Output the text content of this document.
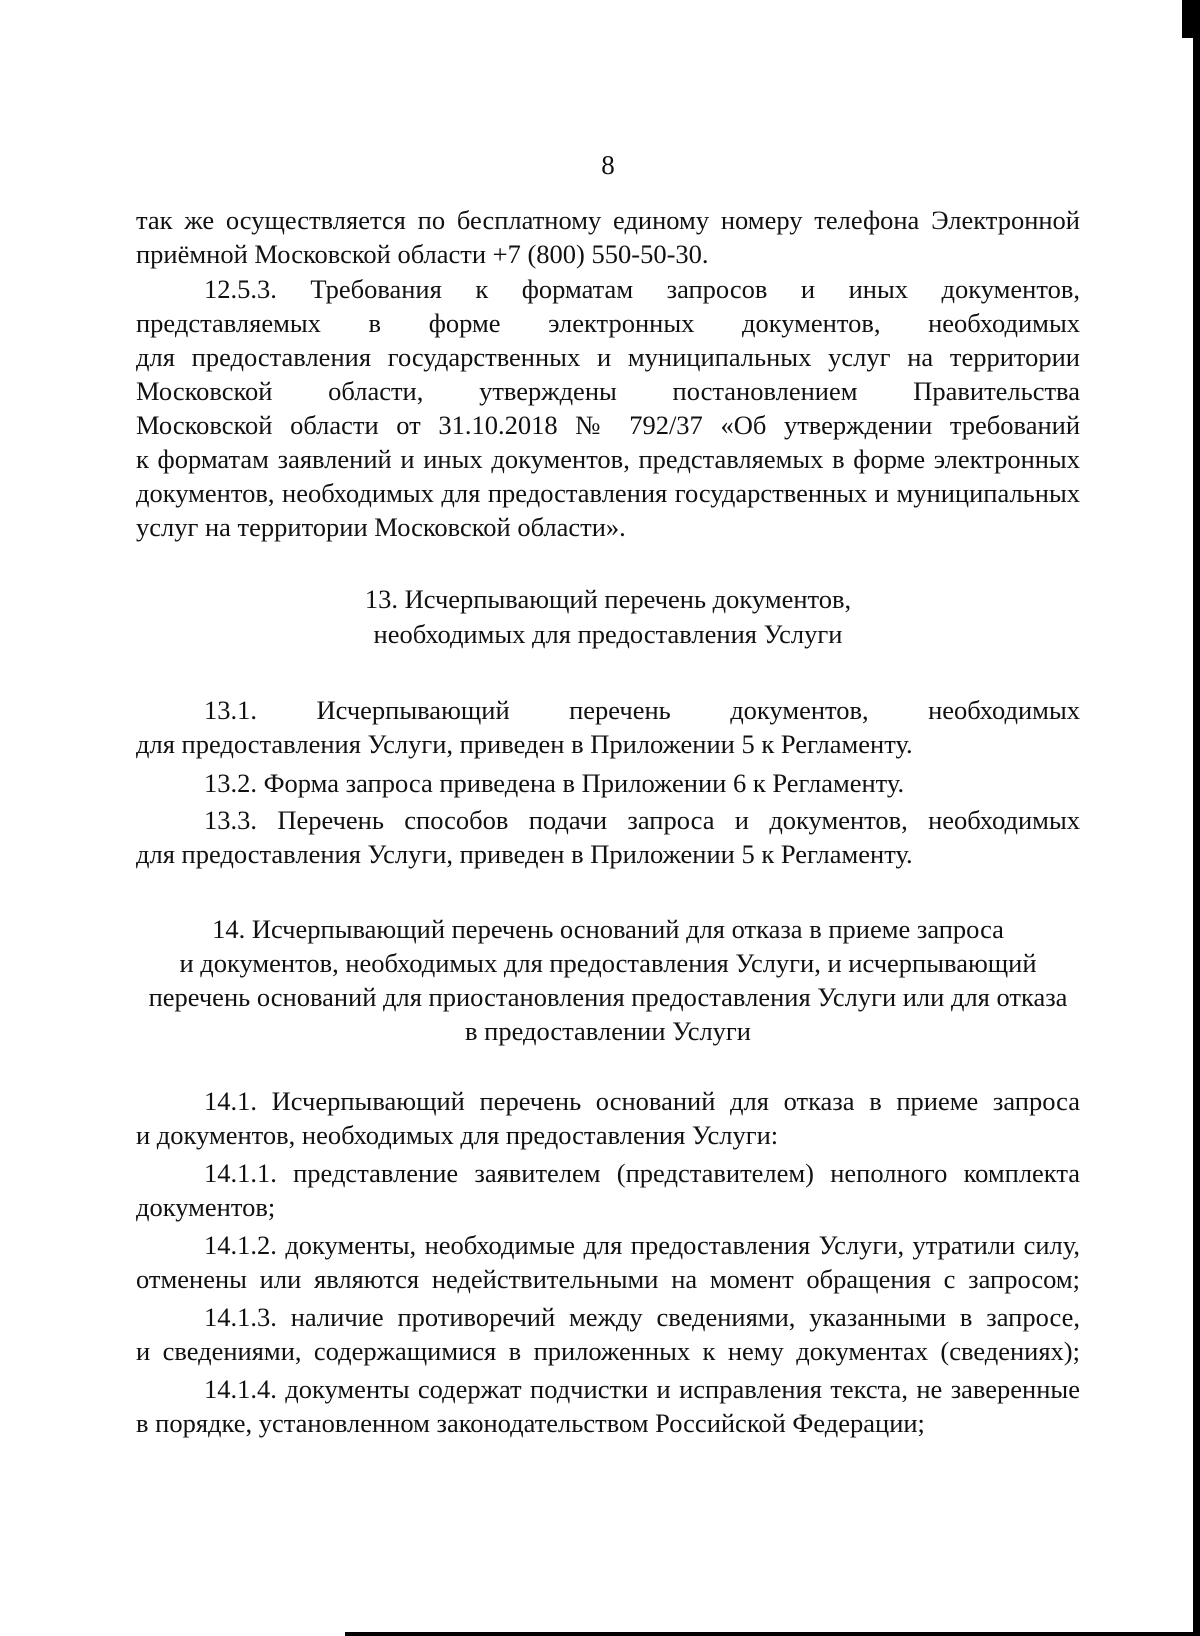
8
так же осуществляется по бесплатному единому номеру телефона Электронной
приёмной Московской области +7 (800) 550-50-30.
12.5.3. Требования к форматам запросов и иных документов,
представляемых в форме электронных документов, необходимых
для предоставления государственных и муниципальных услуг на территории
Московской области, утверждены постановлением Правительства
Московской области от 31.10.2018 № 792/37 «Об утверждении требований
к форматам заявлений и иных документов, представляемых в форме электронных
документов, необходимых для предоставления государственных и муниципальных
услуг на территории Московской области».
13. Исчерпывающий перечень документов,
необходимых для предоставления Услуги
13.1. Исчерпывающий перечень документов, необходимых
для предоставления Услуги, приведен в Приложении 5 к Регламенту.
13.2. Форма запроса приведена в Приложении 6 к Регламенту.
13.3. Перечень способов подачи запроса и документов, необходимых
для предоставления Услуги, приведен в Приложении 5 к Регламенту.
14. Исчерпывающий перечень оснований для отказа в приеме запроса
и документов, необходимых для предоставления Услуги, и исчерпывающий
перечень оснований для приостановления предоставления Услуги или для отказа
в предоставлении Услуги
14.1. Исчерпывающий перечень оснований для отказа в приеме запроса
и документов, необходимых для предоставления Услуги:
14.1.1. представление заявителем (представителем) неполного комплекта
документов;
14.1.2. документы, необходимые для предоставления Услуги, утратили силу,
отменены или являются недействительными на момент обращения с запросом;
14.1.3. наличие противоречий между сведениями, указанными в запросе,
и сведениями, содержащимися в приложенных к нему документах (сведениях);
14.1.4. документы содержат подчистки и исправления текста, не заверенные
в порядке, установленном законодательством Российской Федерации;
